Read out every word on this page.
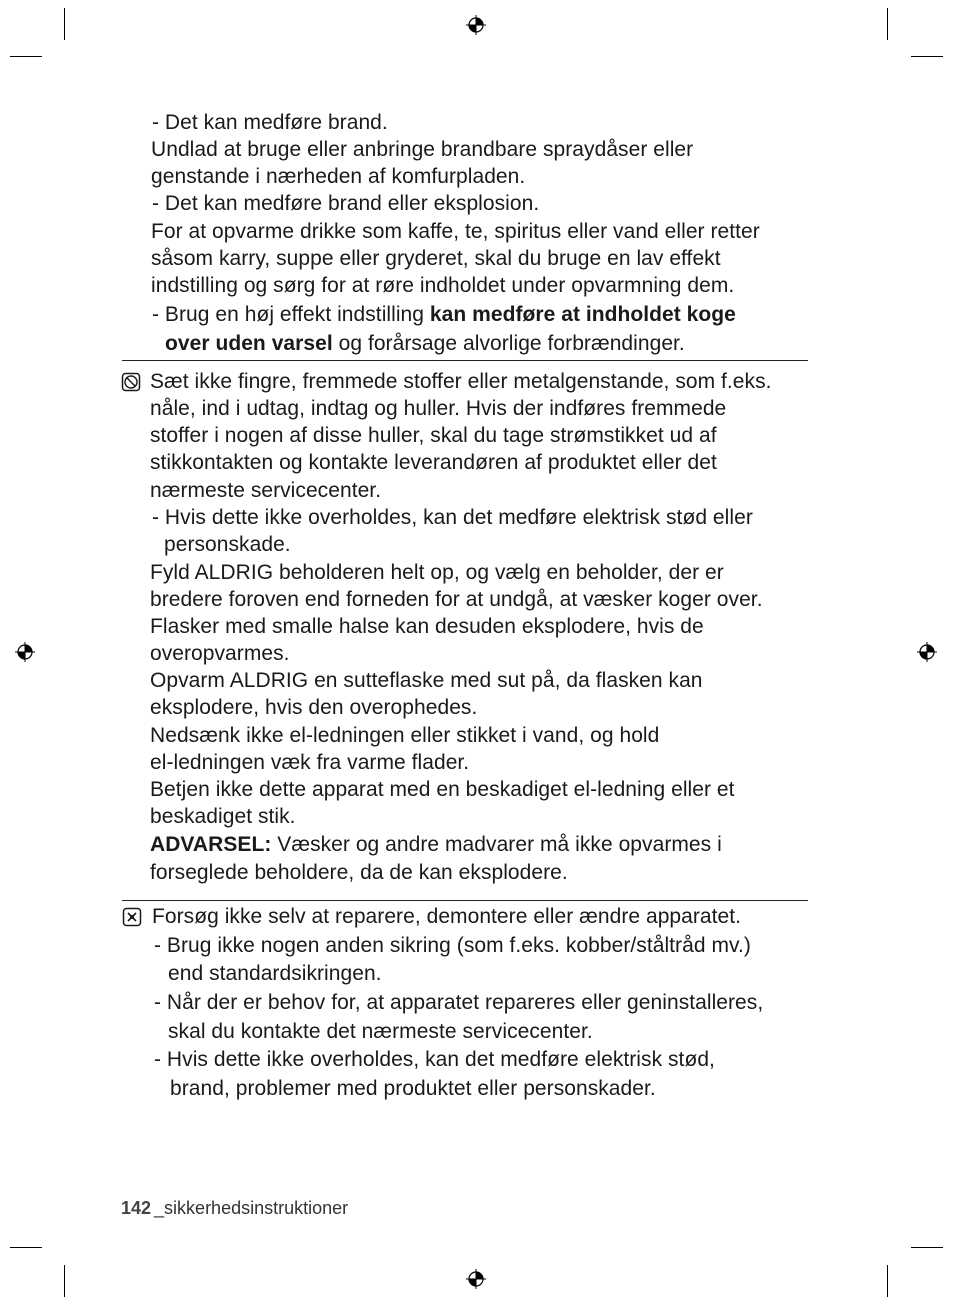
- Det kan medføre brand.
Undlad at bruge eller anbringe brandbare spraydåser eller
genstande i nærheden af komfurpladen.
- Det kan medføre brand eller eksplosion.
For at opvarme drikke som kaffe, te, spiritus eller vand eller retter
såsom karry, suppe eller gryderet, skal du bruge en lav effekt
indstilling og sørg for at røre indholdet under opvarmning dem.
- Brug en høj effekt indstilling kan medføre at indholdet koge
over uden varsel og forårsage alvorlige forbrændinger.
Sæt ikke fingre, fremmede stoffer eller metalgenstande, som f.eks.
nåle, ind i udtag, indtag og huller. Hvis der indføres fremmede
stoffer i nogen af disse huller, skal du tage strømstikket ud af
stikkontakten og kontakte leverandøren af produktet eller det
nærmeste servicecenter.
- Hvis dette ikke overholdes, kan det medføre elektrisk stød eller
personskade.
Fyld ALDRIG beholderen helt op, og vælg en beholder, der er
bredere foroven end forneden for at undgå, at væsker koger over.
Flasker med smalle halse kan desuden eksplodere, hvis de
overopvarmes.
Opvarm ALDRIG en sutteflaske med sut på, da flasken kan
eksplodere, hvis den overophedes.
Nedsænk ikke el-ledningen eller stikket i vand, og hold
el-ledningen væk fra varme flader.
Betjen ikke dette apparat med en beskadiget el-ledning eller et
beskadiget stik.
ADVARSEL: Væsker og andre madvarer må ikke opvarmes i
forseglede beholdere, da de kan eksplodere.
Forsøg ikke selv at reparere, demontere eller ændre apparatet.
- Brug ikke nogen anden sikring (som f.eks. kobber/ståltråd mv.)
end standardsikringen.
- Når der er behov for, at apparatet repareres eller geninstalleres,
skal du kontakte det nærmeste servicecenter.
- Hvis dette ikke overholdes, kan det medføre elektrisk stød,
brand, problemer med produktet eller personskader.
142 _sikkerhedsinstruktioner
